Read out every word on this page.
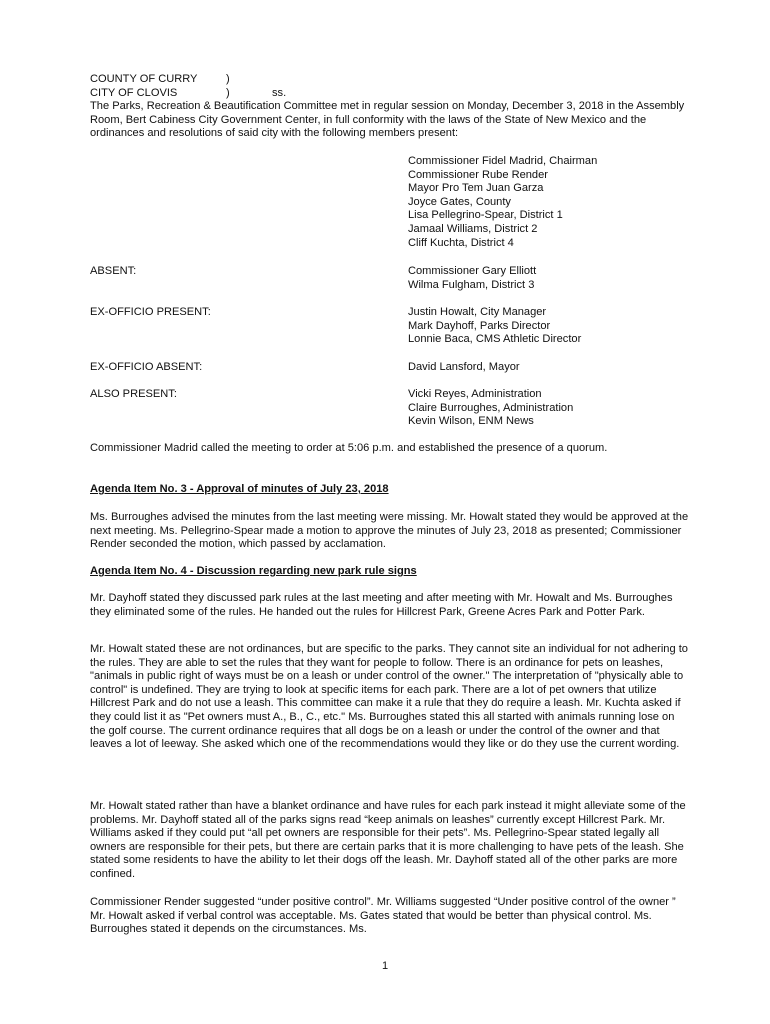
COUNTY OF CURRY	)
CITY OF CLOVIS	)	ss.

The Parks, Recreation & Beautification Committee met in regular session on Monday, December 3, 2018 in the Assembly Room, Bert Cabiness City Government Center, in full conformity with the laws of the State of New Mexico and the ordinances and resolutions of said city with the following members present:

Commissioner Fidel Madrid, Chairman
Commissioner Rube Render
Mayor Pro Tem Juan Garza
Joyce Gates, County
Lisa Pellegrino-Spear, District 1
Jamaal Williams, District 2
Cliff Kuchta, District 4
ABSENT:	Commissioner Gary Elliott
Wilma Fulgham, District 3
EX-OFFICIO PRESENT:	Justin Howalt, City Manager
Mark Dayhoff, Parks Director
Lonnie Baca, CMS Athletic Director
EX-OFFICIO ABSENT:	David Lansford, Mayor
ALSO PRESENT:	Vicki Reyes, Administration
Claire Burroughes, Administration
Kevin Wilson, ENM News

Commissioner Madrid called the meeting to order at 5:06 p.m. and established the presence of a quorum.

Agenda Item No. 3 - Approval of minutes of July 23, 2018

Ms. Burroughes advised the minutes from the last meeting were missing. Mr. Howalt stated they would be approved at the next meeting. Ms. Pellegrino-Spear made a motion to approve the minutes of July 23, 2018 as presented; Commissioner Render seconded the motion, which passed by acclamation.

Agenda Item No. 4 - Discussion regarding new park rule signs

Mr. Dayhoff stated they discussed park rules at the last meeting and after meeting with Mr. Howalt and Ms. Burroughes they eliminated some of the rules. He handed out the rules for Hillcrest Park, Greene Acres Park and Potter Park.

Mr. Howalt stated these are not ordinances, but are specific to the parks. They cannot site an individual for not adhering to the rules. They are able to set the rules that they want for people to follow. There is an ordinance for pets on leashes, "animals in public right of ways must be on a leash or under control of the owner." The interpretation of "physically able to control" is undefined. They are trying to look at specific items for each park. There are a lot of pet owners that utilize Hillcrest Park and do not use a leash. This committee can make it a rule that they do require a leash. Mr. Kuchta asked if they could list it as "Pet owners must A., B., C., etc." Ms. Burroughes stated this all started with animals running lose on the golf course. The current ordinance requires that all dogs be on a leash or under the control of the owner and that leaves a lot of leeway. She asked which one of the recommendations would they like or do they use the current wording.

Mr. Howalt stated rather than have a blanket ordinance and have rules for each park instead it might alleviate some of the problems. Mr. Dayhoff stated all of the parks signs read “keep animals on leashes” currently except Hillcrest Park. Mr. Williams asked if they could put “all pet owners are responsible for their pets”. Ms. Pellegrino-Spear stated legally all owners are responsible for their pets, but there are certain parks that it is more challenging to have pets of the leash. She stated some residents to have the ability to let their dogs off the leash. Mr. Dayhoff stated all of the other parks are more confined.

Commissioner Render suggested “under positive control”. Mr. Williams suggested “Under positive control of the owner ” Mr. Howalt asked if verbal control was acceptable. Ms. Gates stated that would be better than physical control. Ms. Burroughes stated it depends on the circumstances. Ms.

1
